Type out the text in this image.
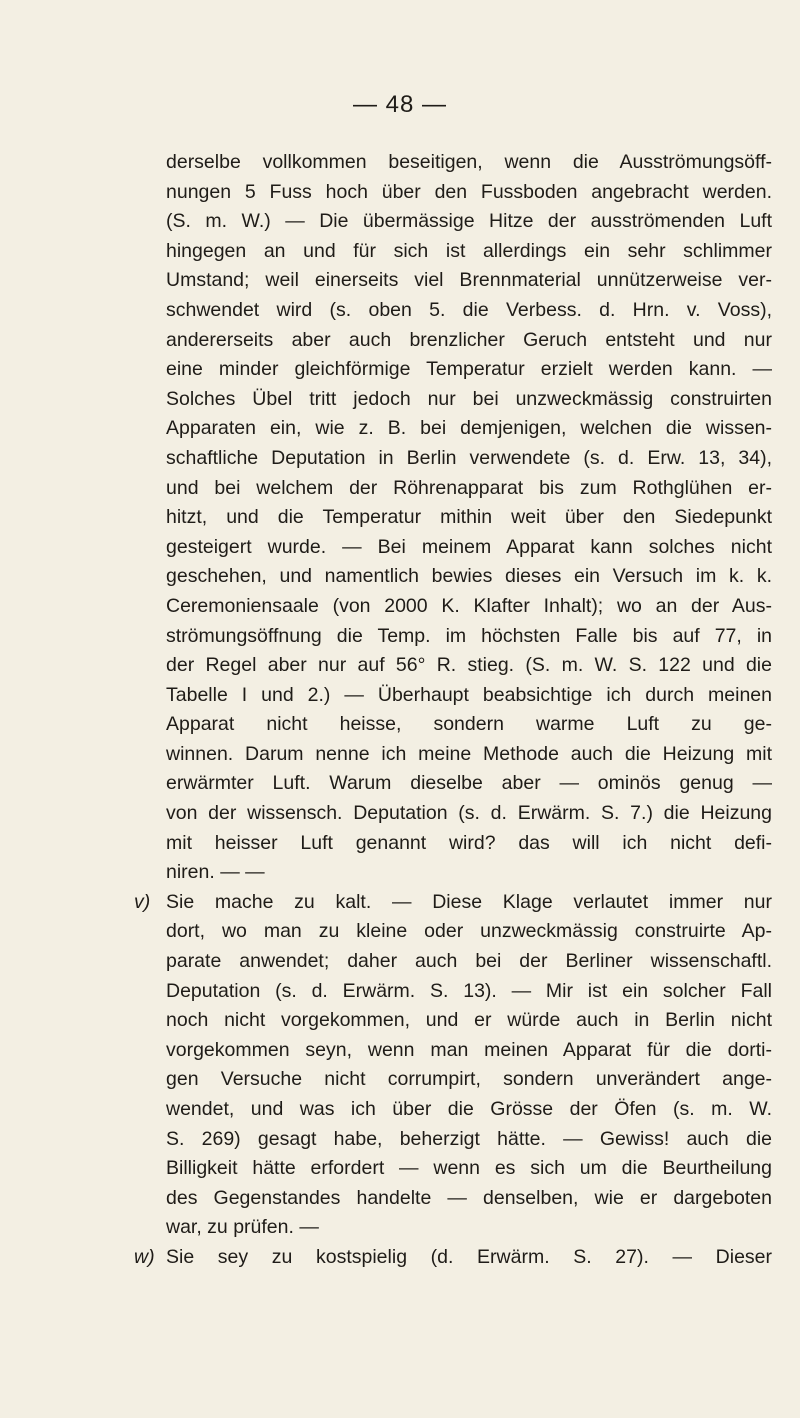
— 48 —
derselbe vollkommen beseitigen, wenn die Ausströmungsöff-
nungen 5 Fuss hoch über den Fussboden angebracht werden.
(S. m. W.) — Die übermässige Hitze der ausströmenden Luft
hingegen an und für sich ist allerdings ein sehr schlimmer
Umstand; weil einerseits viel Brennmaterial unnützerweise ver-
schwendet wird (s. oben 5. die Verbess. d. Hrn. v. Voss),
andererseits aber auch brenzlicher Geruch entsteht und nur
eine minder gleichförmige Temperatur erzielt werden kann. —
Solches Übel tritt jedoch nur bei unzweckmässig construirten
Apparaten ein, wie z. B. bei demjenigen, welchen die wissen-
schaftliche Deputation in Berlin verwendete (s. d. Erw. 13, 34),
und bei welchem der Röhrenapparat bis zum Rothglühen er-
hitzt, und die Temperatur mithin weit über den Siedepunkt
gesteigert wurde. — Bei meinem Apparat kann solches nicht
geschehen, und namentlich bewies dieses ein Versuch im k. k.
Ceremoniensaale (von 2000 K. Klafter Inhalt); wo an der Aus-
strömungsöffnung die Temp. im höchsten Falle bis auf 77, in
der Regel aber nur auf 56° R. stieg. (S. m. W. S. 122 und die
Tabelle I und 2.) — Überhaupt beabsichtige ich durch meinen
Apparat nicht heisse, sondern warme Luft zu ge-
winnen. Darum nenne ich meine Methode auch die Heizung mit
erwärmter Luft. Warum dieselbe aber — ominös genug —
von der wissensch. Deputation (s. d. Erwärm. S. 7.) die Heizung
mit heisser Luft genannt wird? das will ich nicht defi-
niren. — —
v) Sie mache zu kalt. — Diese Klage verlautet immer nur
dort, wo man zu kleine oder unzweckmässig construirte Ap-
parate anwendet; daher auch bei der Berliner wissenschaftl.
Deputation (s. d. Erwärm. S. 13). — Mir ist ein solcher Fall
noch nicht vorgekommen, und er würde auch in Berlin nicht
vorgekommen seyn, wenn man meinen Apparat für die dorti-
gen Versuche nicht corrumpirt, sondern unverändert ange-
wendet, und was ich über die Grösse der Öfen (s. m. W.
S. 269) gesagt habe, beherzigt hätte. — Gewiss! auch die
Billigkeit hätte erfordert — wenn es sich um die Beurtheilung
des Gegenstandes handelte — denselben, wie er dargeboten
war, zu prüfen. —
w) Sie sey zu kostspielig (d. Erwärm. S. 27). — Dieser
